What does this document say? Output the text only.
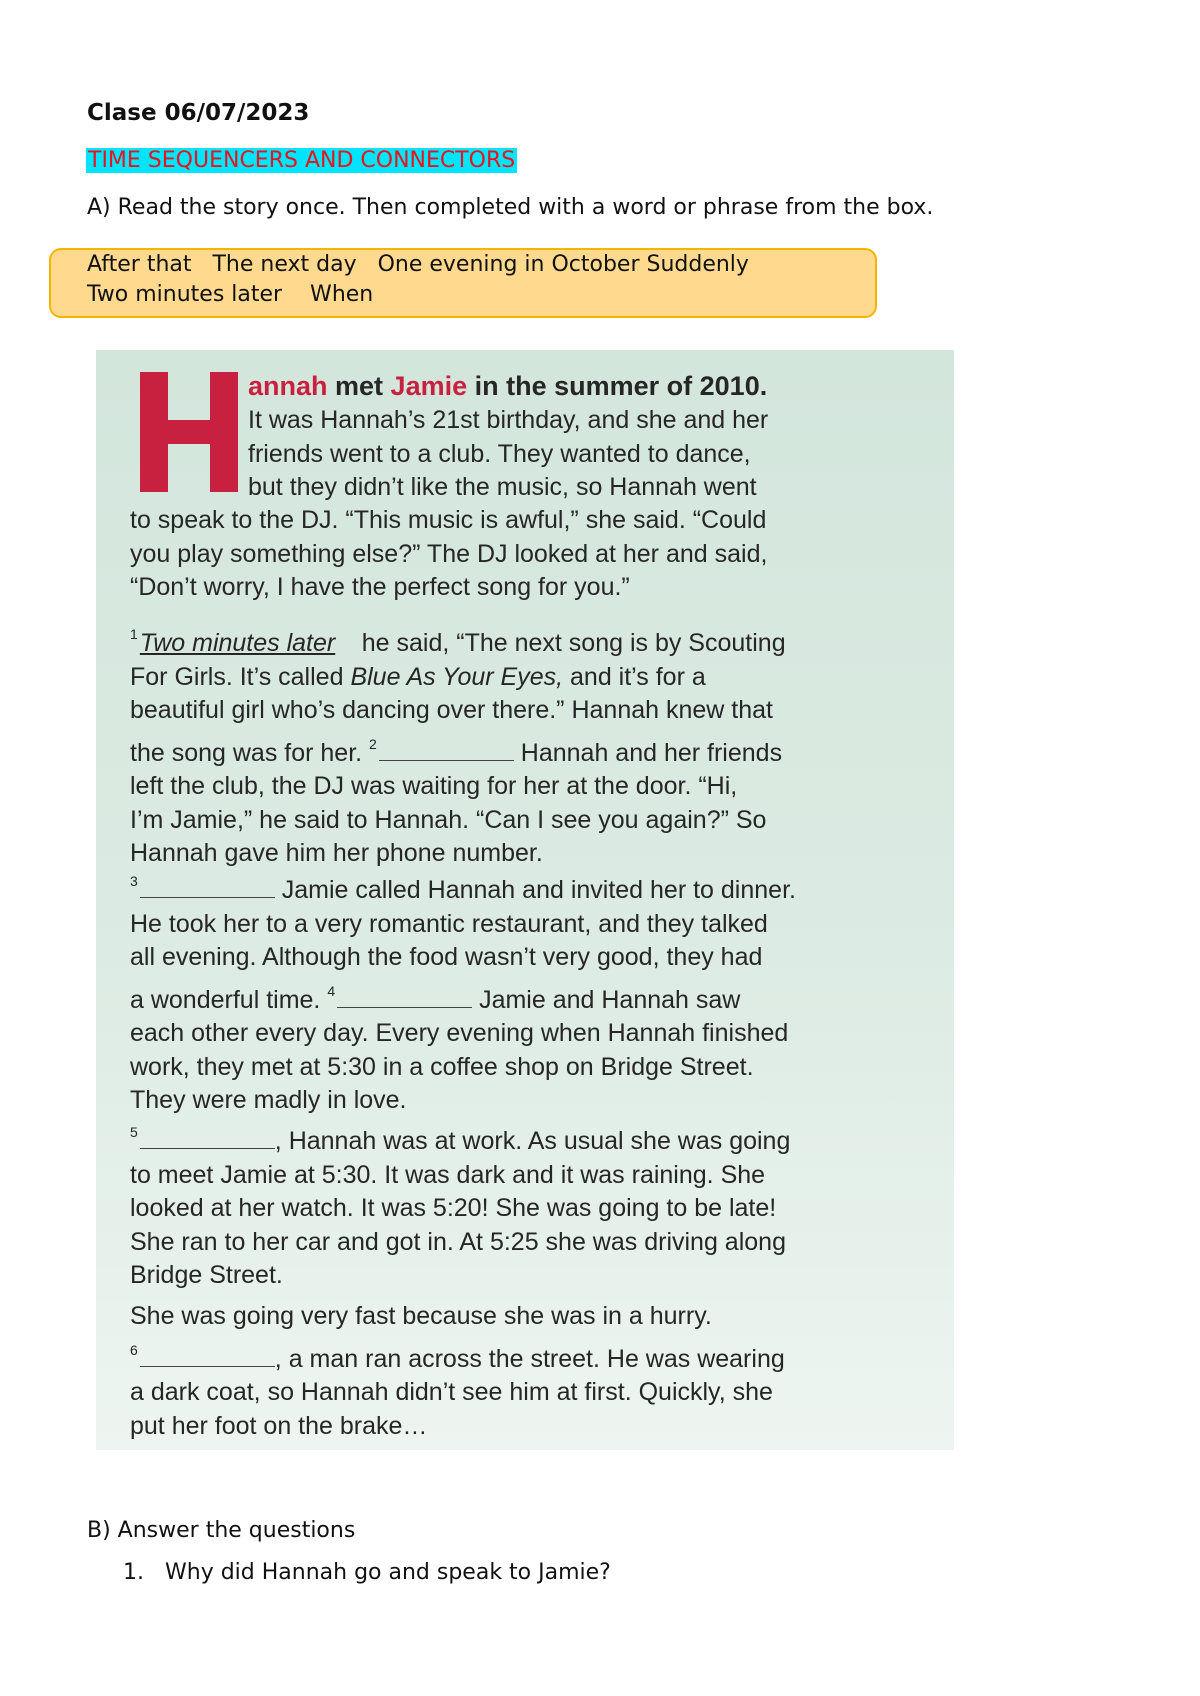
Clase 06/07/2023
TIME SEQUENCERS AND CONNECTORS
A) Read the story once. Then completed with a word or phrase from the box.
After that   The next day   One evening in October Suddenly
Two minutes later    When
annah met Jamie in the summer of 2010.

It was Hannah’s 21st birthday, and she and her

friends went to a club. They wanted to dance,

but they didn’t like the music, so Hannah went

to speak to the DJ. “This music is awful,” she said. “Could

you play something else?” The DJ looked at her and said,

“Don’t worry, I have the perfect song for you.”

$^1$Two minutes later he said, “The next song is by Scouting

For Girls. It’s called Blue As Your Eyes, and it’s for a

beautiful girl who’s dancing over there.” Hannah knew that

the song was for her. $^2$	Hannah and her friends

left the club, the DJ was waiting for her at the door. “Hi,

I’m Jamie,” he said to Hannah. “Can I see you again?” So

Hannah gave him her phone number.

$^3$	Jamie called Hannah and invited her to dinner.

He took her to a very romantic restaurant, and they talked

all evening. Although the food wasn’t very good, they had

a wonderful time. $^4$	Jamie and Hannah saw

each other every day. Every evening when Hannah finished

work, they met at 5:30 in a coffee shop on Bridge Street.

They were madly in love.

$^5$	, Hannah was at work. As usual she was going

to meet Jamie at 5:30. It was dark and it was raining. She

looked at her watch. It was 5:20! She was going to be late!

She ran to her car and got in. At 5:25 she was driving along

Bridge Street.

She was going very fast because she was in a hurry.

$^6$	, a man ran across the street. He was wearing

a dark coat, so Hannah didn’t see him at first. Quickly, she

put her foot on the brake…

B) Answer the questions
1. Why did Hannah go and speak to Jamie?
